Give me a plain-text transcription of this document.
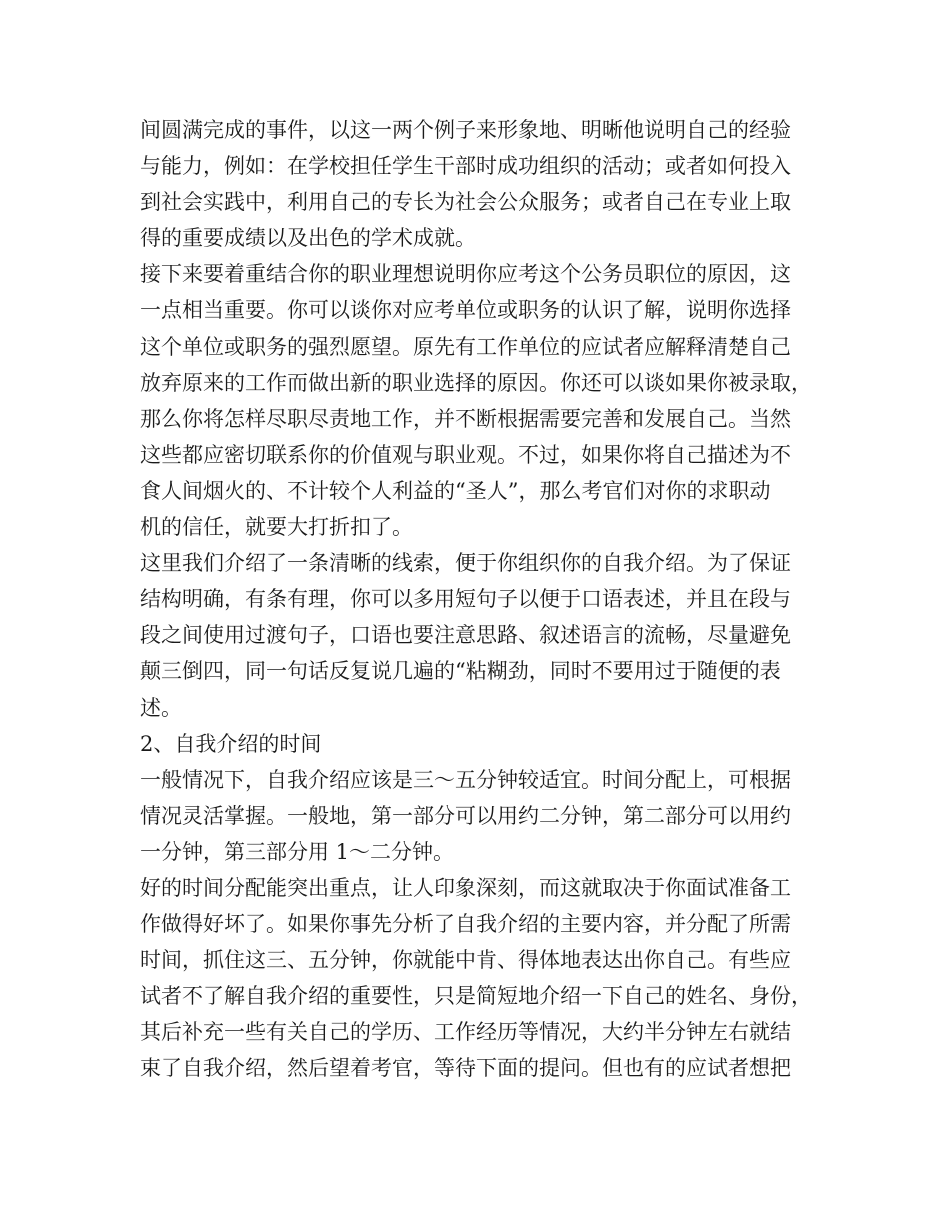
间圆满完成的事件，以这一两个例子来形象地、明晰他说明自己的经验
与能力，例如：在学校担任学生干部时成功组织的活动；或者如何投入
到社会实践中，利用自己的专长为社会公众服务；或者自己在专业上取
得的重要成绩以及出色的学术成就。
接下来要着重结合你的职业理想说明你应考这个公务员职位的原因，这
一点相当重要。你可以谈你对应考单位或职务的认识了解，说明你选择
这个单位或职务的强烈愿望。原先有工作单位的应试者应解释清楚自己
放弃原来的工作而做出新的职业选择的原因。你还可以谈如果你被录取，
那么你将怎样尽职尽责地工作，并不断根据需要完善和发展自己。当然
这些都应密切联系你的价值观与职业观。不过，如果你将自己描述为不
食人间烟火的、不计较个人利益的“圣人”，那么考官们对你的求职动
机的信任，就要大打折扣了。
这里我们介绍了一条清晰的线索，便于你组织你的自我介绍。为了保证
结构明确，有条有理，你可以多用短句子以便于口语表述，并且在段与
段之间使用过渡句子，口语也要注意思路、叙述语言的流畅，尽量避免
颠三倒四，同一句话反复说几遍的“粘糊劲，同时不要用过于随便的表
述。
2、自我介绍的时间
一般情况下，自我介绍应该是三～五分钟较适宜。时间分配上，可根据
情况灵活掌握。一般地，第一部分可以用约二分钟，第二部分可以用约
一分钟，第三部分用 1～二分钟。
好的时间分配能突出重点，让人印象深刻，而这就取决于你面试准备工
作做得好坏了。如果你事先分析了自我介绍的主要内容，并分配了所需
时间，抓住这三、五分钟，你就能中肯、得体地表达出你自己。有些应
试者不了解自我介绍的重要性，只是简短地介绍一下自己的姓名、身份，
其后补充一些有关自己的学历、工作经历等情况，大约半分钟左右就结
束了自我介绍，然后望着考官，等待下面的提问。但也有的应试者想把
